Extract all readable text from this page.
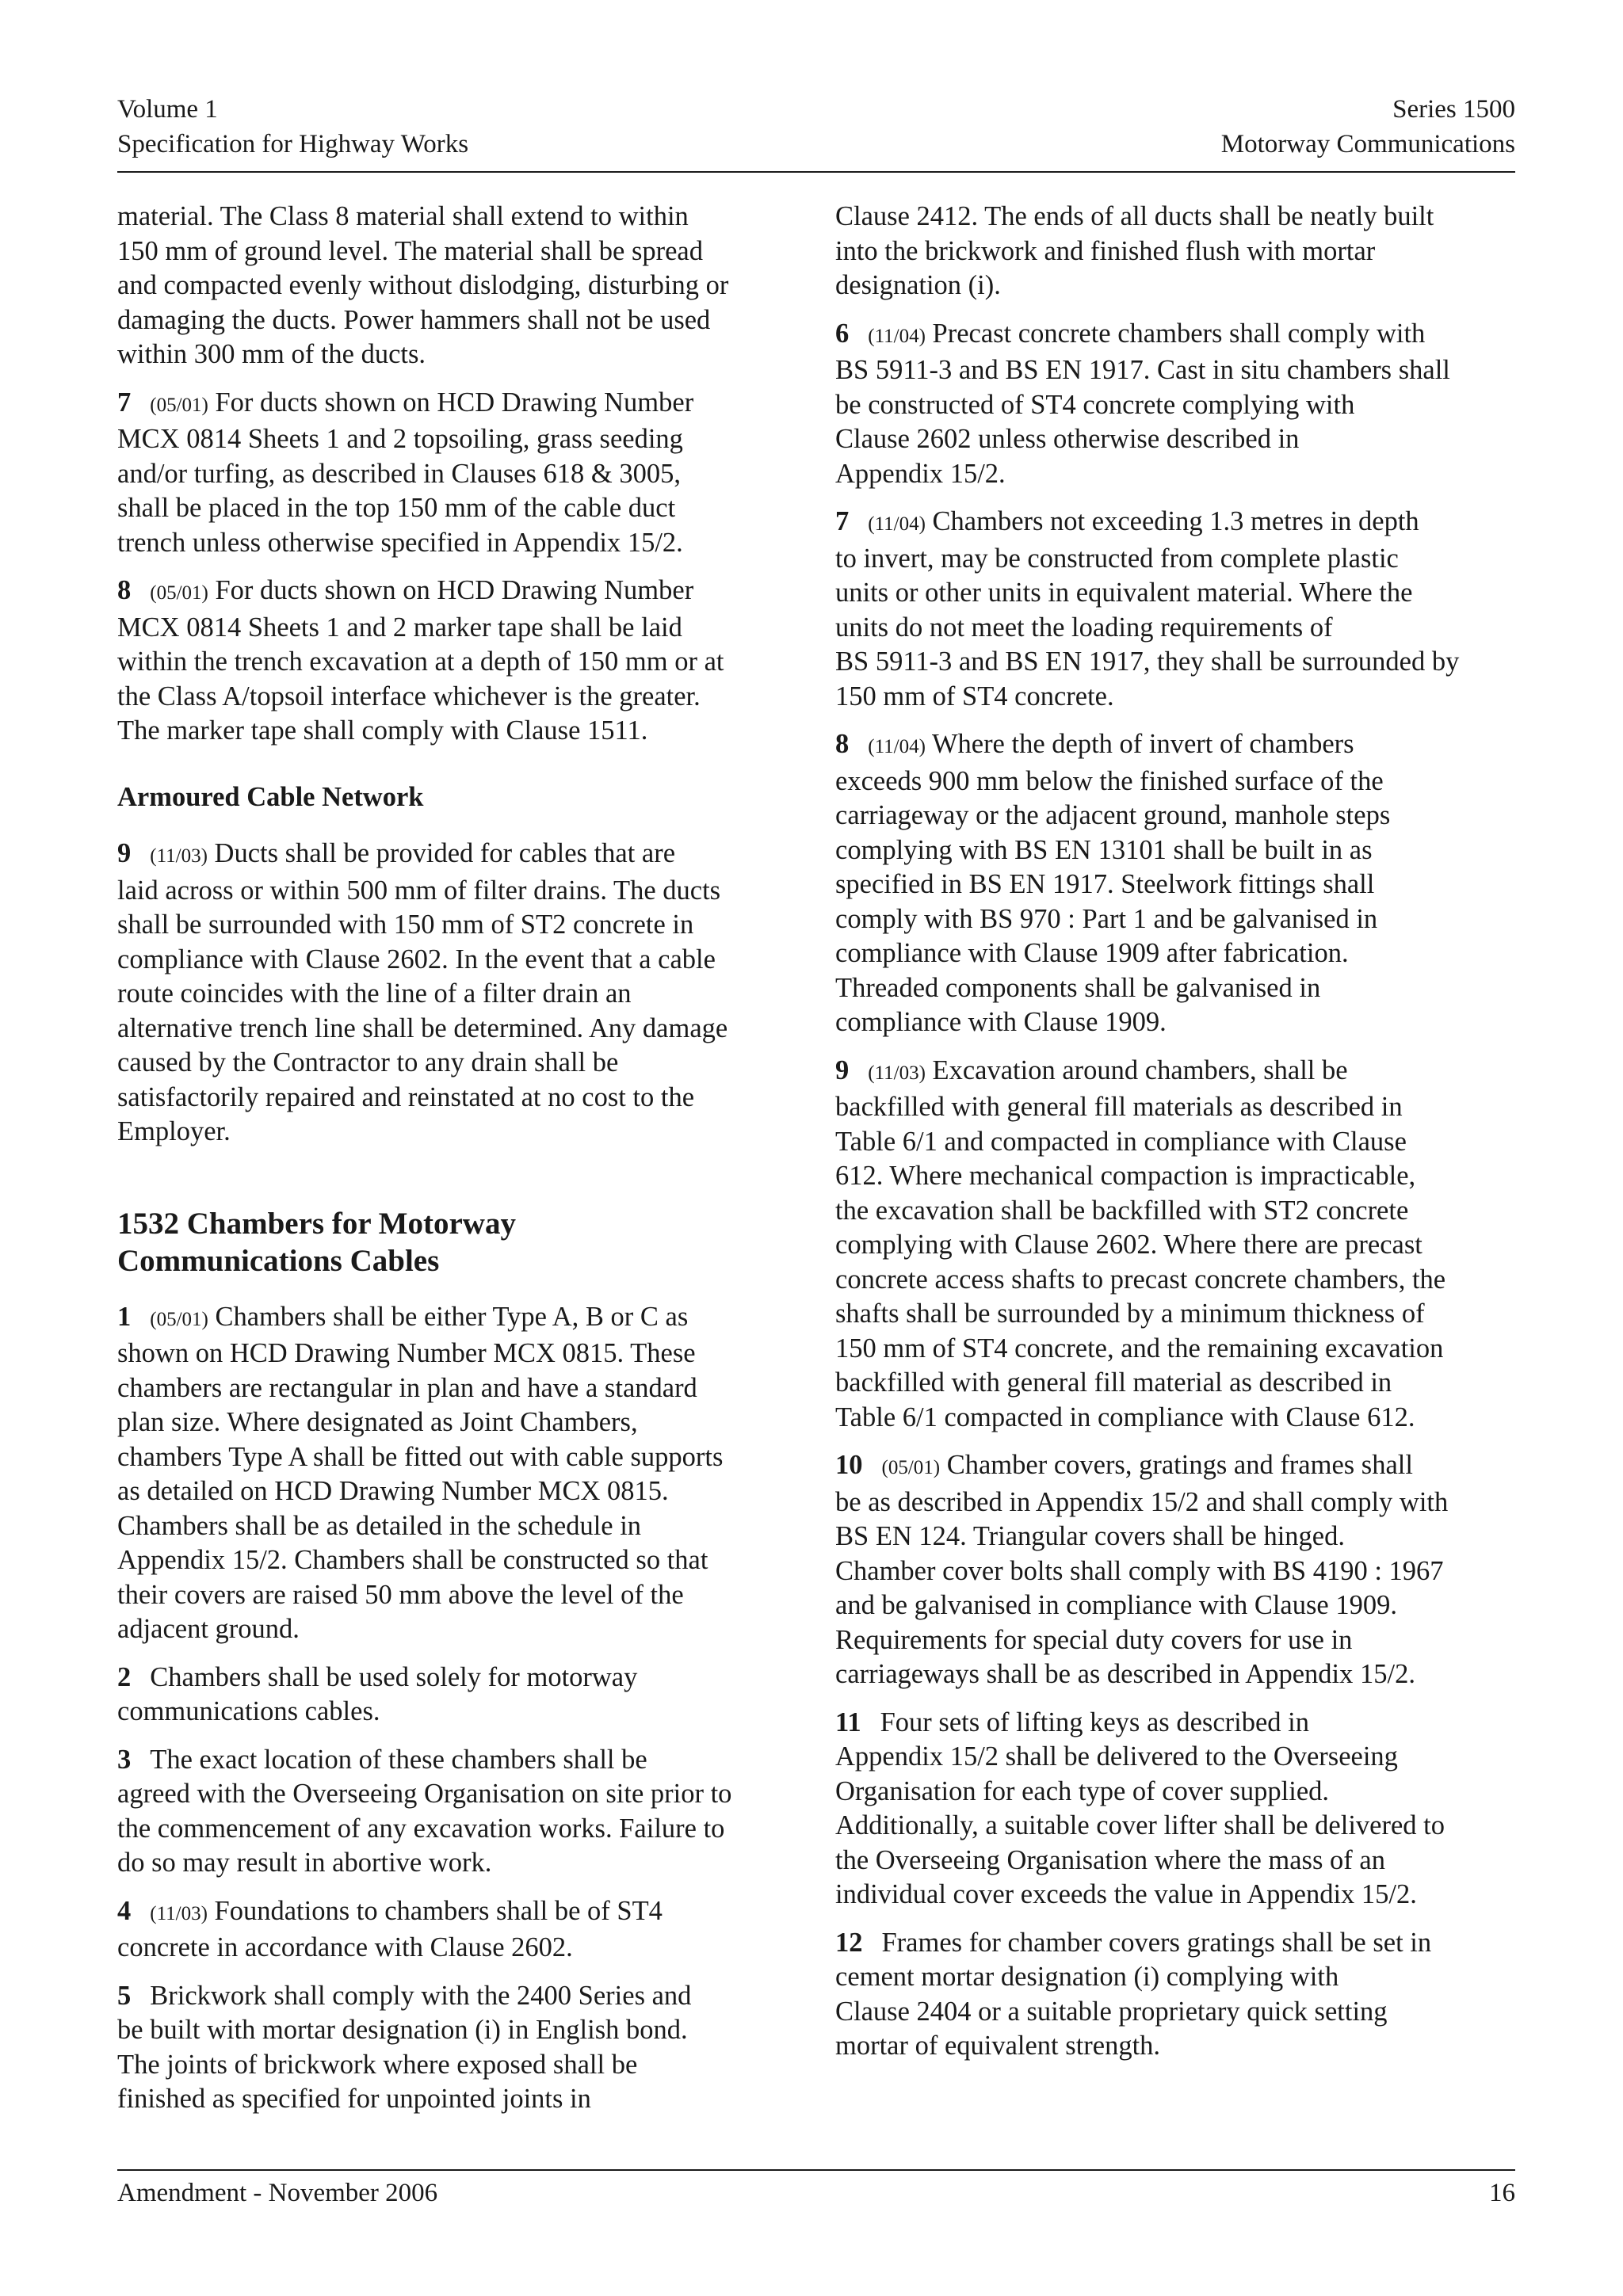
Volume 1
Specification for Highway Works
Series 1500
Motorway Communications

material. The Class 8 material shall extend to within
150 mm of ground level. The material shall be spread
and compacted evenly without dislodging, disturbing or
damaging the ducts. Power hammers shall not be used
within 300 mm of the ducts.

7 (05/01) For ducts shown on HCD Drawing Number
MCX 0814 Sheets 1 and 2 topsoiling, grass seeding
and/or turfing, as described in Clauses 618 & 3005,
shall be placed in the top 150 mm of the cable duct
trench unless otherwise specified in Appendix 15/2.

8 (05/01) For ducts shown on HCD Drawing Number
MCX 0814 Sheets 1 and 2 marker tape shall be laid
within the trench excavation at a depth of 150 mm or at
the Class A/topsoil interface whichever is the greater.
The marker tape shall comply with Clause 1511.

Armoured Cable Network

9 (11/03) Ducts shall be provided for cables that are
laid across or within 500 mm of filter drains. The ducts
shall be surrounded with 150 mm of ST2 concrete in
compliance with Clause 2602. In the event that a cable
route coincides with the line of a filter drain an
alternative trench line shall be determined. Any damage
caused by the Contractor to any drain shall be
satisfactorily repaired and reinstated at no cost to the
Employer.

1532 Chambers for Motorway
Communications Cables

1 (05/01) Chambers shall be either Type A, B or C as
shown on HCD Drawing Number MCX 0815. These
chambers are rectangular in plan and have a standard
plan size. Where designated as Joint Chambers,
chambers Type A shall be fitted out with cable supports
as detailed on HCD Drawing Number MCX 0815.
Chambers shall be as detailed in the schedule in
Appendix 15/2. Chambers shall be constructed so that
their covers are raised 50 mm above the level of the
adjacent ground.

2 Chambers shall be used solely for motorway
communications cables.

3 The exact location of these chambers shall be
agreed with the Overseeing Organisation on site prior to
the commencement of any excavation works. Failure to
do so may result in abortive work.

4 (11/03) Foundations to chambers shall be of ST4
concrete in accordance with Clause 2602.

5 Brickwork shall comply with the 2400 Series and
be built with mortar designation (i) in English bond.
The joints of brickwork where exposed shall be
finished as specified for unpointed joints in

Clause 2412. The ends of all ducts shall be neatly built
into the brickwork and finished flush with mortar
designation (i).

6 (11/04) Precast concrete chambers shall comply with
BS 5911-3 and BS EN 1917. Cast in situ chambers shall
be constructed of ST4 concrete complying with
Clause 2602 unless otherwise described in
Appendix 15/2.

7 (11/04) Chambers not exceeding 1.3 metres in depth
to invert, may be constructed from complete plastic
units or other units in equivalent material. Where the
units do not meet the loading requirements of
BS 5911-3 and BS EN 1917, they shall be surrounded by
150 mm of ST4 concrete.

8 (11/04) Where the depth of invert of chambers
exceeds 900 mm below the finished surface of the
carriageway or the adjacent ground, manhole steps
complying with BS EN 13101 shall be built in as
specified in BS EN 1917. Steelwork fittings shall
comply with BS 970 : Part 1 and be galvanised in
compliance with Clause 1909 after fabrication.
Threaded components shall be galvanised in
compliance with Clause 1909.

9 (11/03) Excavation around chambers, shall be
backfilled with general fill materials as described in
Table 6/1 and compacted in compliance with Clause
612. Where mechanical compaction is impracticable,
the excavation shall be backfilled with ST2 concrete
complying with Clause 2602. Where there are precast
concrete access shafts to precast concrete chambers, the
shafts shall be surrounded by a minimum thickness of
150 mm of ST4 concrete, and the remaining excavation
backfilled with general fill material as described in
Table 6/1 compacted in compliance with Clause 612.

10 (05/01) Chamber covers, gratings and frames shall
be as described in Appendix 15/2 and shall comply with
BS EN 124. Triangular covers shall be hinged.
Chamber cover bolts shall comply with BS 4190 : 1967
and be galvanised in compliance with Clause 1909.
Requirements for special duty covers for use in
carriageways shall be as described in Appendix 15/2.

11 Four sets of lifting keys as described in
Appendix 15/2 shall be delivered to the Overseeing
Organisation for each type of cover supplied.
Additionally, a suitable cover lifter shall be delivered to
the Overseeing Organisation where the mass of an
individual cover exceeds the value in Appendix 15/2.

12 Frames for chamber covers gratings shall be set in
cement mortar designation (i) complying with
Clause 2404 or a suitable proprietary quick setting
mortar of equivalent strength.

Amendment - November 2006	16
